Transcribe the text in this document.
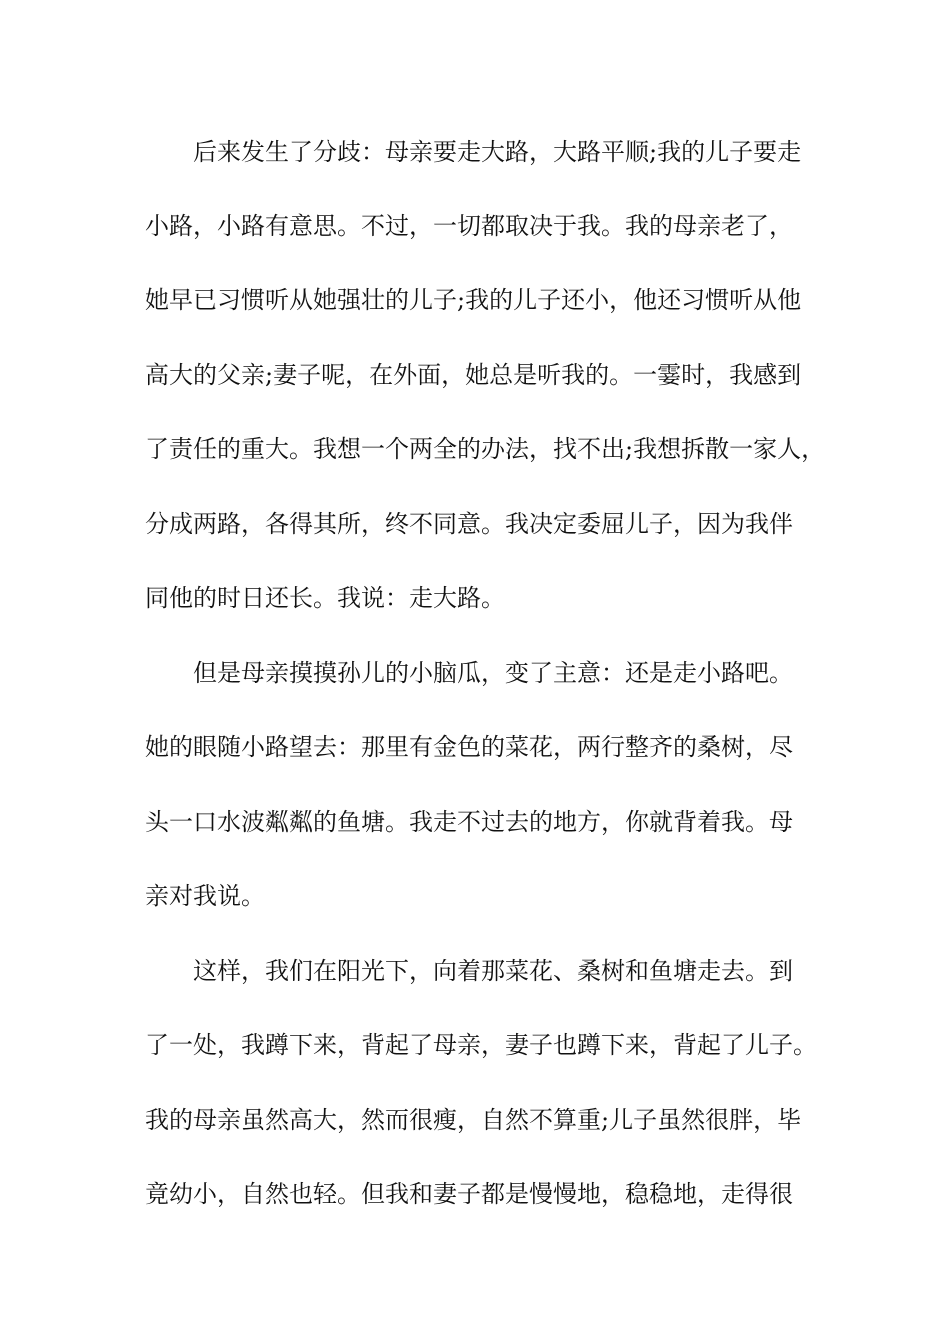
后来发生了分歧：母亲要走大路，大路平顺;我的儿子要走
小路，小路有意思。不过，一切都取决于我。我的母亲老了，
她早已习惯听从她强壮的儿子;我的儿子还小，他还习惯听从他
高大的父亲;妻子呢，在外面，她总是听我的。一霎时，我感到
了责任的重大。我想一个两全的办法，找不出;我想拆散一家人，
分成两路，各得其所，终不同意。我决定委屈儿子，因为我伴
同他的时日还长。我说：走大路。
但是母亲摸摸孙儿的小脑瓜，变了主意：还是走小路吧。
她的眼随小路望去：那里有金色的菜花，两行整齐的桑树，尽
头一口水波粼粼的鱼塘。我走不过去的地方，你就背着我。母
亲对我说。
这样，我们在阳光下，向着那菜花、桑树和鱼塘走去。到
了一处，我蹲下来，背起了母亲，妻子也蹲下来，背起了儿子。
我的母亲虽然高大，然而很瘦，自然不算重;儿子虽然很胖，毕
竟幼小，自然也轻。但我和妻子都是慢慢地，稳稳地，走得很
